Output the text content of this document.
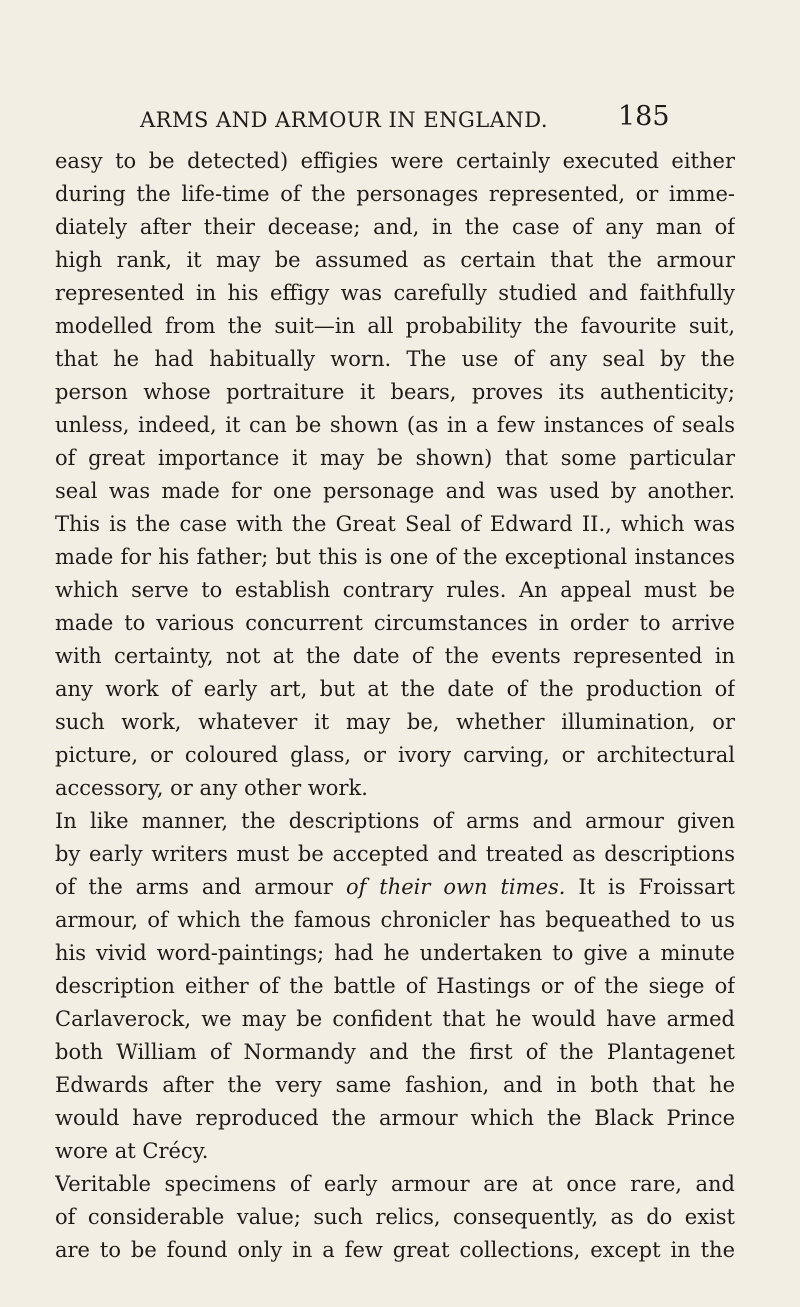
ARMS AND ARMOUR IN ENGLAND.	185
easy to be detected) effigies were certainly executed either
during the life-time of the personages represented, or imme-
diately after their decease; and, in the case of any man of
high rank, it may be assumed as certain that the armour
represented in his effigy was carefully studied and faithfully
modelled from the suit—in all probability the favourite suit,
that he had habitually worn. The use of any seal by the
person whose portraiture it bears, proves its authenticity;
unless, indeed, it can be shown (as in a few instances of seals
of great importance it may be shown) that some particular
seal was made for one personage and was used by another.
This is the case with the Great Seal of Edward II., which was
made for his father; but this is one of the exceptional instances
which serve to establish contrary rules. An appeal must be
made to various concurrent circumstances in order to arrive
with certainty, not at the date of the events represented in
any work of early art, but at the date of the production of
such work, whatever it may be, whether illumination, or
picture, or coloured glass, or ivory carving, or architectural
accessory, or any other work.
In like manner, the descriptions of arms and armour given
by early writers must be accepted and treated as descriptions
of the arms and armour of their own times. It is Froissart
armour, of which the famous chronicler has bequeathed to us
his vivid word-paintings; had he undertaken to give a minute
description either of the battle of Hastings or of the siege of
Carlaverock, we may be confident that he would have armed
both William of Normandy and the first of the Plantagenet
Edwards after the very same fashion, and in both that he
would have reproduced the armour which the Black Prince
wore at Crécy.
Veritable specimens of early armour are at once rare, and
of considerable value; such relics, consequently, as do exist
are to be found only in a few great collections, except in the
